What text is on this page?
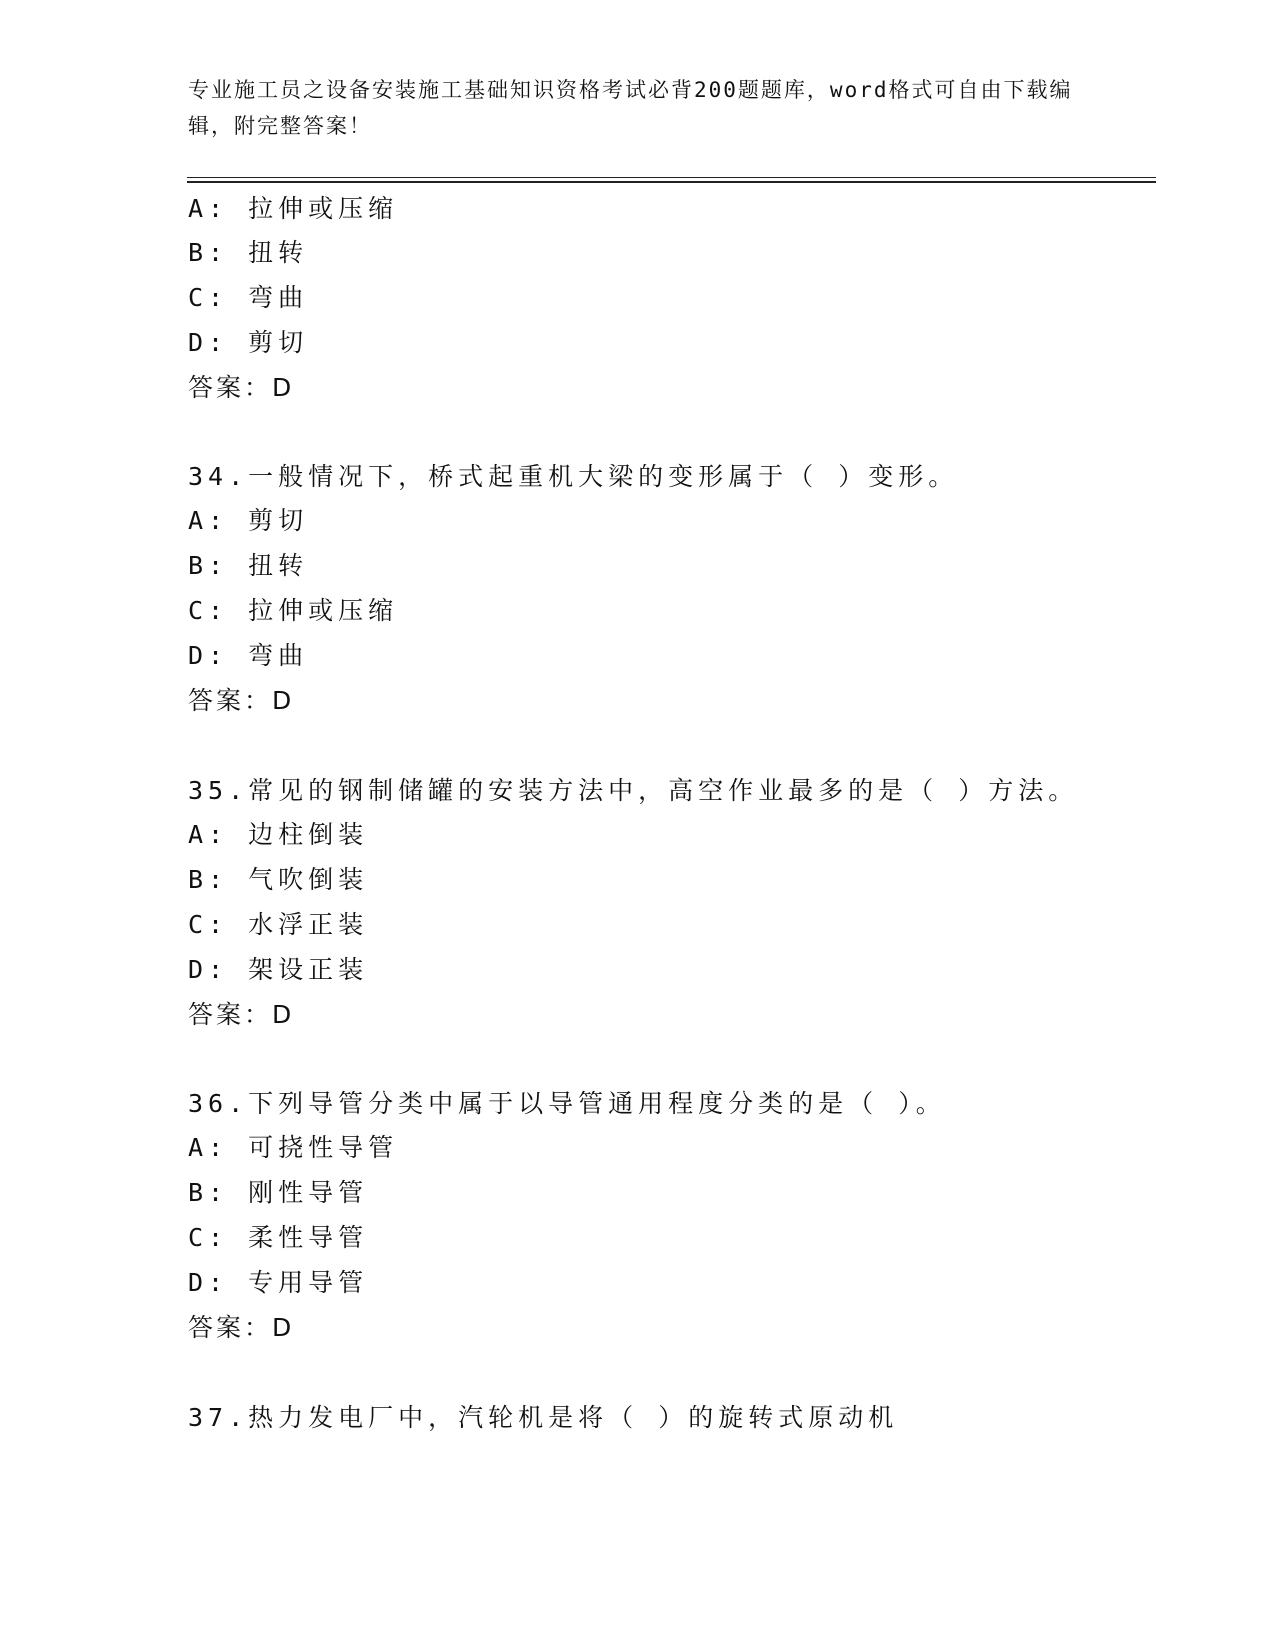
专业施工员之设备安装施工基础知识资格考试必背200题题库，word格式可自由下载编辑，附完整答案！
A: 拉伸或压缩
B: 扭转
C: 弯曲
D: 剪切
答案：D
34.一般情况下，桥式起重机大梁的变形属于（ ）变形。
A: 剪切
B: 扭转
C: 拉伸或压缩
D: 弯曲
答案：D
35.常见的钢制储罐的安装方法中，高空作业最多的是（ ）方法。
A: 边柱倒装
B: 气吹倒装
C: 水浮正装
D: 架设正装
答案：D
36.下列导管分类中属于以导管通用程度分类的是（ ）。
A: 可挠性导管
B: 刚性导管
C: 柔性导管
D: 专用导管
答案：D
37.热力发电厂中，汽轮机是将（ ）的旋转式原动机
